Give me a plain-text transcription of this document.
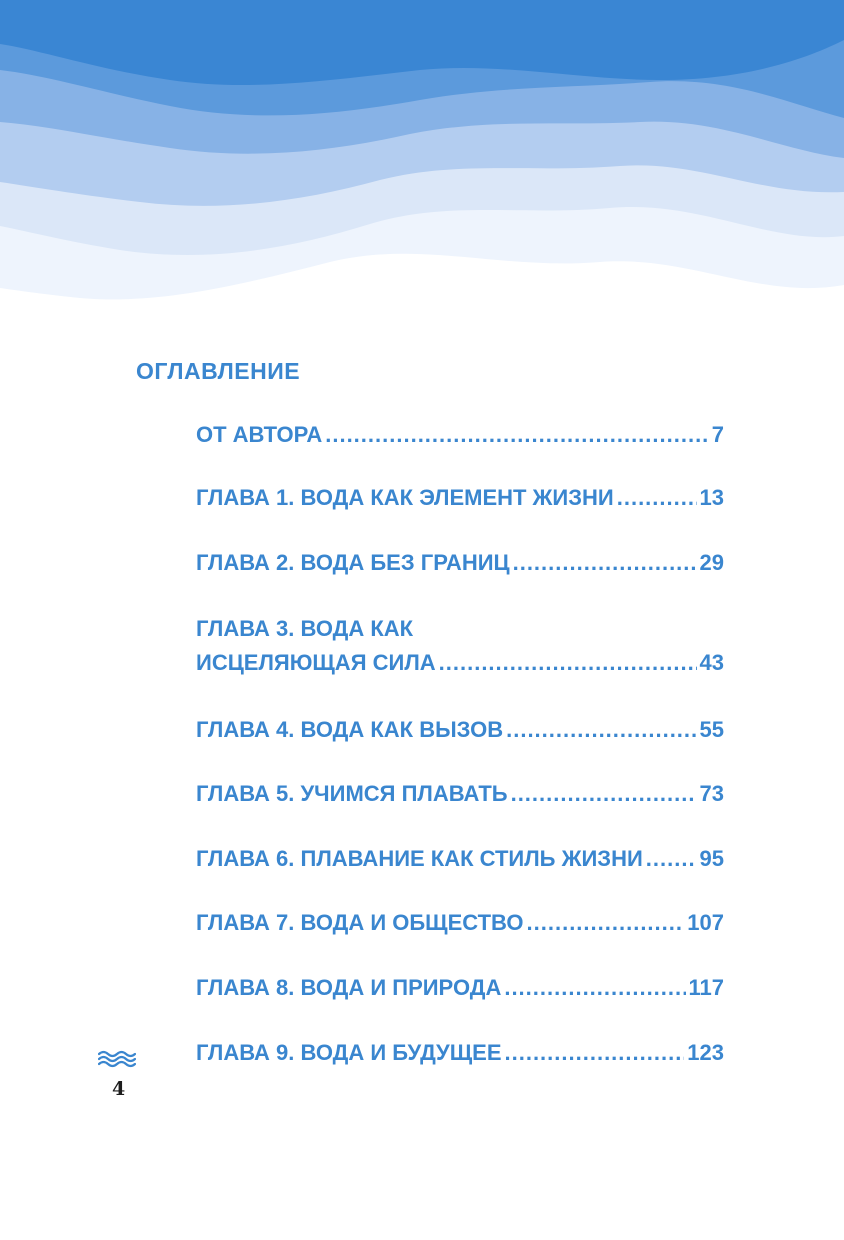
ОГЛАВЛЕНИЕ
ОТ АВТОРА .....	7
ГЛАВА 1. ВОДА КАК ЭЛЕМЕНТ ЖИЗНИ .....	13
ГЛАВА 2. ВОДА БЕЗ ГРАНИЦ .....	29
ГЛАВА 3. ВОДА КАК
ИСЦЕЛЯЮЩАЯ СИЛА .....	43
ГЛАВА 4. ВОДА КАК ВЫЗОВ .....	55
ГЛАВА 5. УЧИМСЯ ПЛАВАТЬ .....	73
ГЛАВА 6. ПЛАВАНИЕ КАК СТИЛЬ ЖИЗНИ .....	95
ГЛАВА 7. ВОДА И ОБЩЕСТВО .....	107
ГЛАВА 8. ВОДА И ПРИРОДА .....	117
ГЛАВА 9. ВОДА И БУДУЩЕЕ .....	123
4
